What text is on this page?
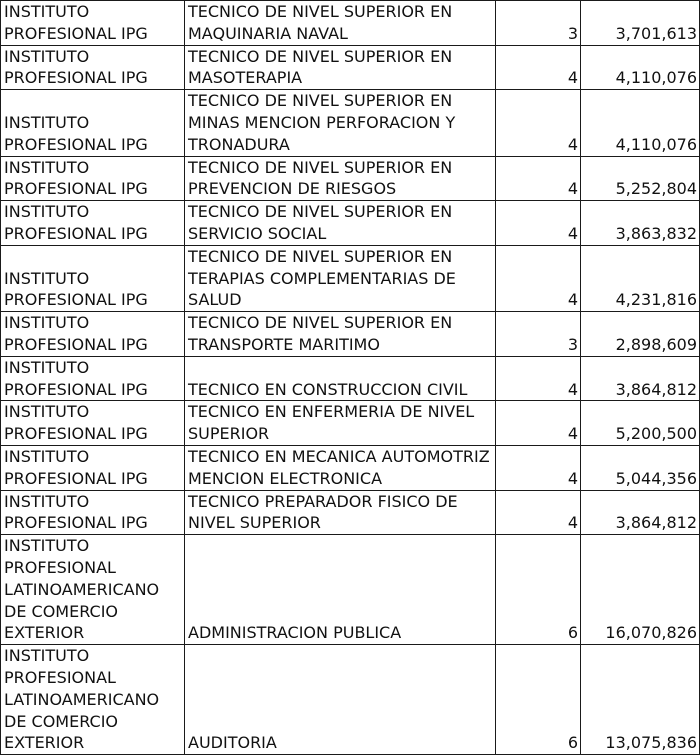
INSTITUTO PROFESIONAL IPG	TECNICO DE NIVEL SUPERIOR EN MAQUINARIA NAVAL	3	3,701,613
INSTITUTO PROFESIONAL IPG	TECNICO DE NIVEL SUPERIOR EN MASOTERAPIA	4	4,110,076
INSTITUTO PROFESIONAL IPG	TECNICO DE NIVEL SUPERIOR EN MINAS MENCION PERFORACION Y TRONADURA	4	4,110,076
INSTITUTO PROFESIONAL IPG	TECNICO DE NIVEL SUPERIOR EN PREVENCION DE RIESGOS	4	5,252,804
INSTITUTO PROFESIONAL IPG	TECNICO DE NIVEL SUPERIOR EN SERVICIO SOCIAL	4	3,863,832
INSTITUTO PROFESIONAL IPG	TECNICO DE NIVEL SUPERIOR EN TERAPIAS COMPLEMENTARIAS DE SALUD	4	4,231,816
INSTITUTO PROFESIONAL IPG	TECNICO DE NIVEL SUPERIOR EN TRANSPORTE MARITIMO	3	2,898,609
INSTITUTO PROFESIONAL IPG	TECNICO EN CONSTRUCCION CIVIL	4	3,864,812
INSTITUTO PROFESIONAL IPG	TECNICO EN ENFERMERIA DE NIVEL SUPERIOR	4	5,200,500
INSTITUTO PROFESIONAL IPG	TECNICO EN MECANICA AUTOMOTRIZ MENCION ELECTRONICA	4	5,044,356
INSTITUTO PROFESIONAL IPG	TECNICO PREPARADOR FISICO DE NIVEL SUPERIOR	4	3,864,812
INSTITUTO PROFESIONAL LATINOAMERICANO DE COMERCIO EXTERIOR	ADMINISTRACION PUBLICA	6	16,070,826
INSTITUTO PROFESIONAL LATINOAMERICANO DE COMERCIO EXTERIOR	AUDITORIA	6	13,075,836
